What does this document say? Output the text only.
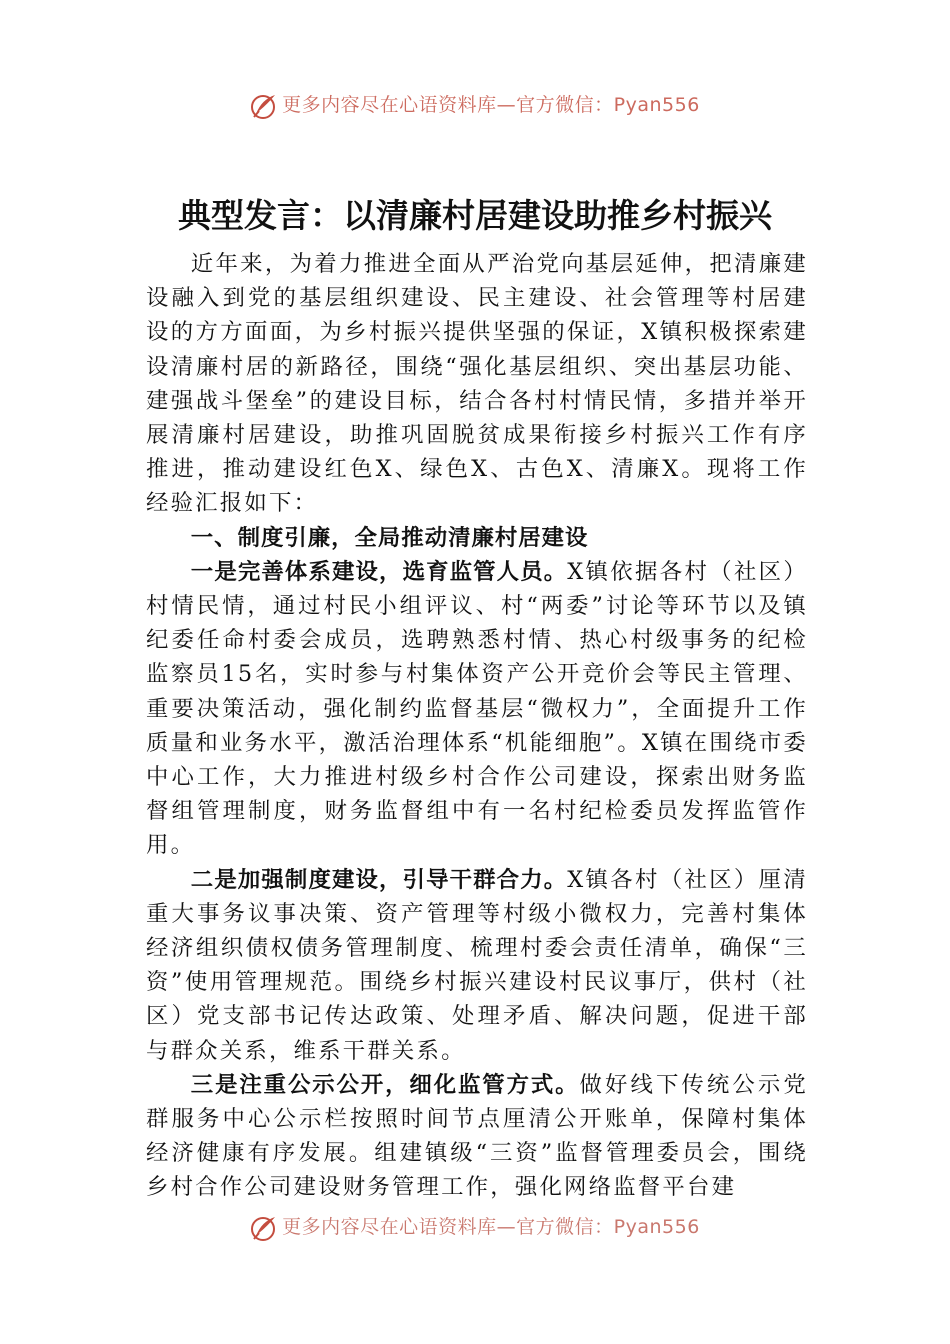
更多内容尽在心语资料库—官方微信：Pyan556
典型发言：以清廉村居建设助推乡村振兴

近年来，为着力推进全面从严治党向基层延伸，把清廉建设融入到党的基层组织建设、民主建设、社会管理等村居建设的方方面面，为乡村振兴提供坚强的保证，X镇积极探索建设清廉村居的新路径，围绕“强化基层组织、突出基层功能、建强战斗堡垒”的建设目标，结合各村村情民情，多措并举开展清廉村居建设，助推巩固脱贫成果衔接乡村振兴工作有序推进，推动建设红色X、绿色X、古色X、清廉X。现将工作经验汇报如下：

一、制度引廉，全局推动清廉村居建设

一是完善体系建设，选育监管人员。X镇依据各村（社区）村情民情，通过村民小组评议、村“两委”讨论等环节以及镇纪委任命村委会成员，选聘熟悉村情、热心村级事务的纪检监察员15名，实时参与村集体资产公开竞价会等民主管理、重要决策活动，强化制约监督基层“微权力”，全面提升工作质量和业务水平，激活治理体系“机能细胞”。X镇在围绕市委中心工作，大力推进村级乡村合作公司建设，探索出财务监督组管理制度，财务监督组中有一名村纪检委员发挥监管作用。

二是加强制度建设，引导干群合力。X镇各村（社区）厘清重大事务议事决策、资产管理等村级小微权力，完善村集体经济组织债权债务管理制度、梳理村委会责任清单，确保“三资”使用管理规范。围绕乡村振兴建设村民议事厅，供村（社区）党支部书记传达政策、处理矛盾、解决问题，促进干部与群众关系，维系干群关系。

三是注重公示公开，细化监管方式。做好线下传统公示党群服务中心公示栏按照时间节点厘清公开账单，保障村集体经济健康有序发展。组建镇级“三资”监督管理委员会，围绕乡村合作公司建设财务管理工作，强化网络监督平台建

更多内容尽在心语资料库—官方微信：Pyan556
